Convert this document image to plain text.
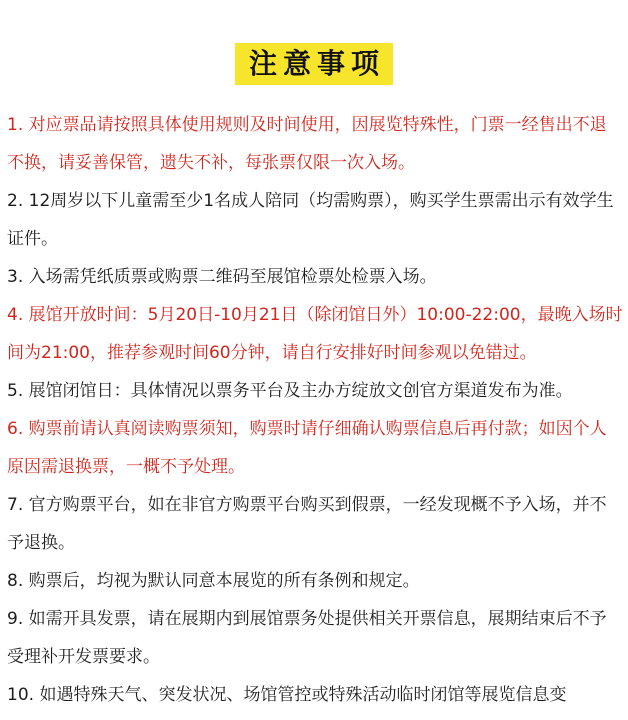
注意事项

1. 对应票品请按照具体使用规则及时间使用，因展览特殊性，门票一经售出不退不换，请妥善保管，遗失不补，每张票仅限一次入场。

2. 12周岁以下儿童需至少1名成人陪同（均需购票），购买学生票需出示有效学生证件。

3. 入场需凭纸质票或购票二维码至展馆检票处检票入场。

4. 展馆开放时间：5月20日-10月21日（除闭馆日外）10:00-22:00，最晚入场时间为21:00，推荐参观时间60分钟，请自行安排好时间参观以免错过。

5. 展馆闭馆日：具体情况以票务平台及主办方绽放文创官方渠道发布为准。

6. 购票前请认真阅读购票须知，购票时请仔细确认购票信息后再付款；如因个人原因需退换票，一概不予处理。

7. 官方购票平台，如在非官方购票平台购买到假票，一经发现概不予入场，并不予退换。

8. 购票后，均视为默认同意本展览的所有条例和规定。

9. 如需开具发票，请在展期内到展馆票务处提供相关开票信息，展期结束后不予受理补开发票要求。

10. 如遇特殊天气、突发状况、场馆管控或特殊活动临时闭馆等展览信息变
